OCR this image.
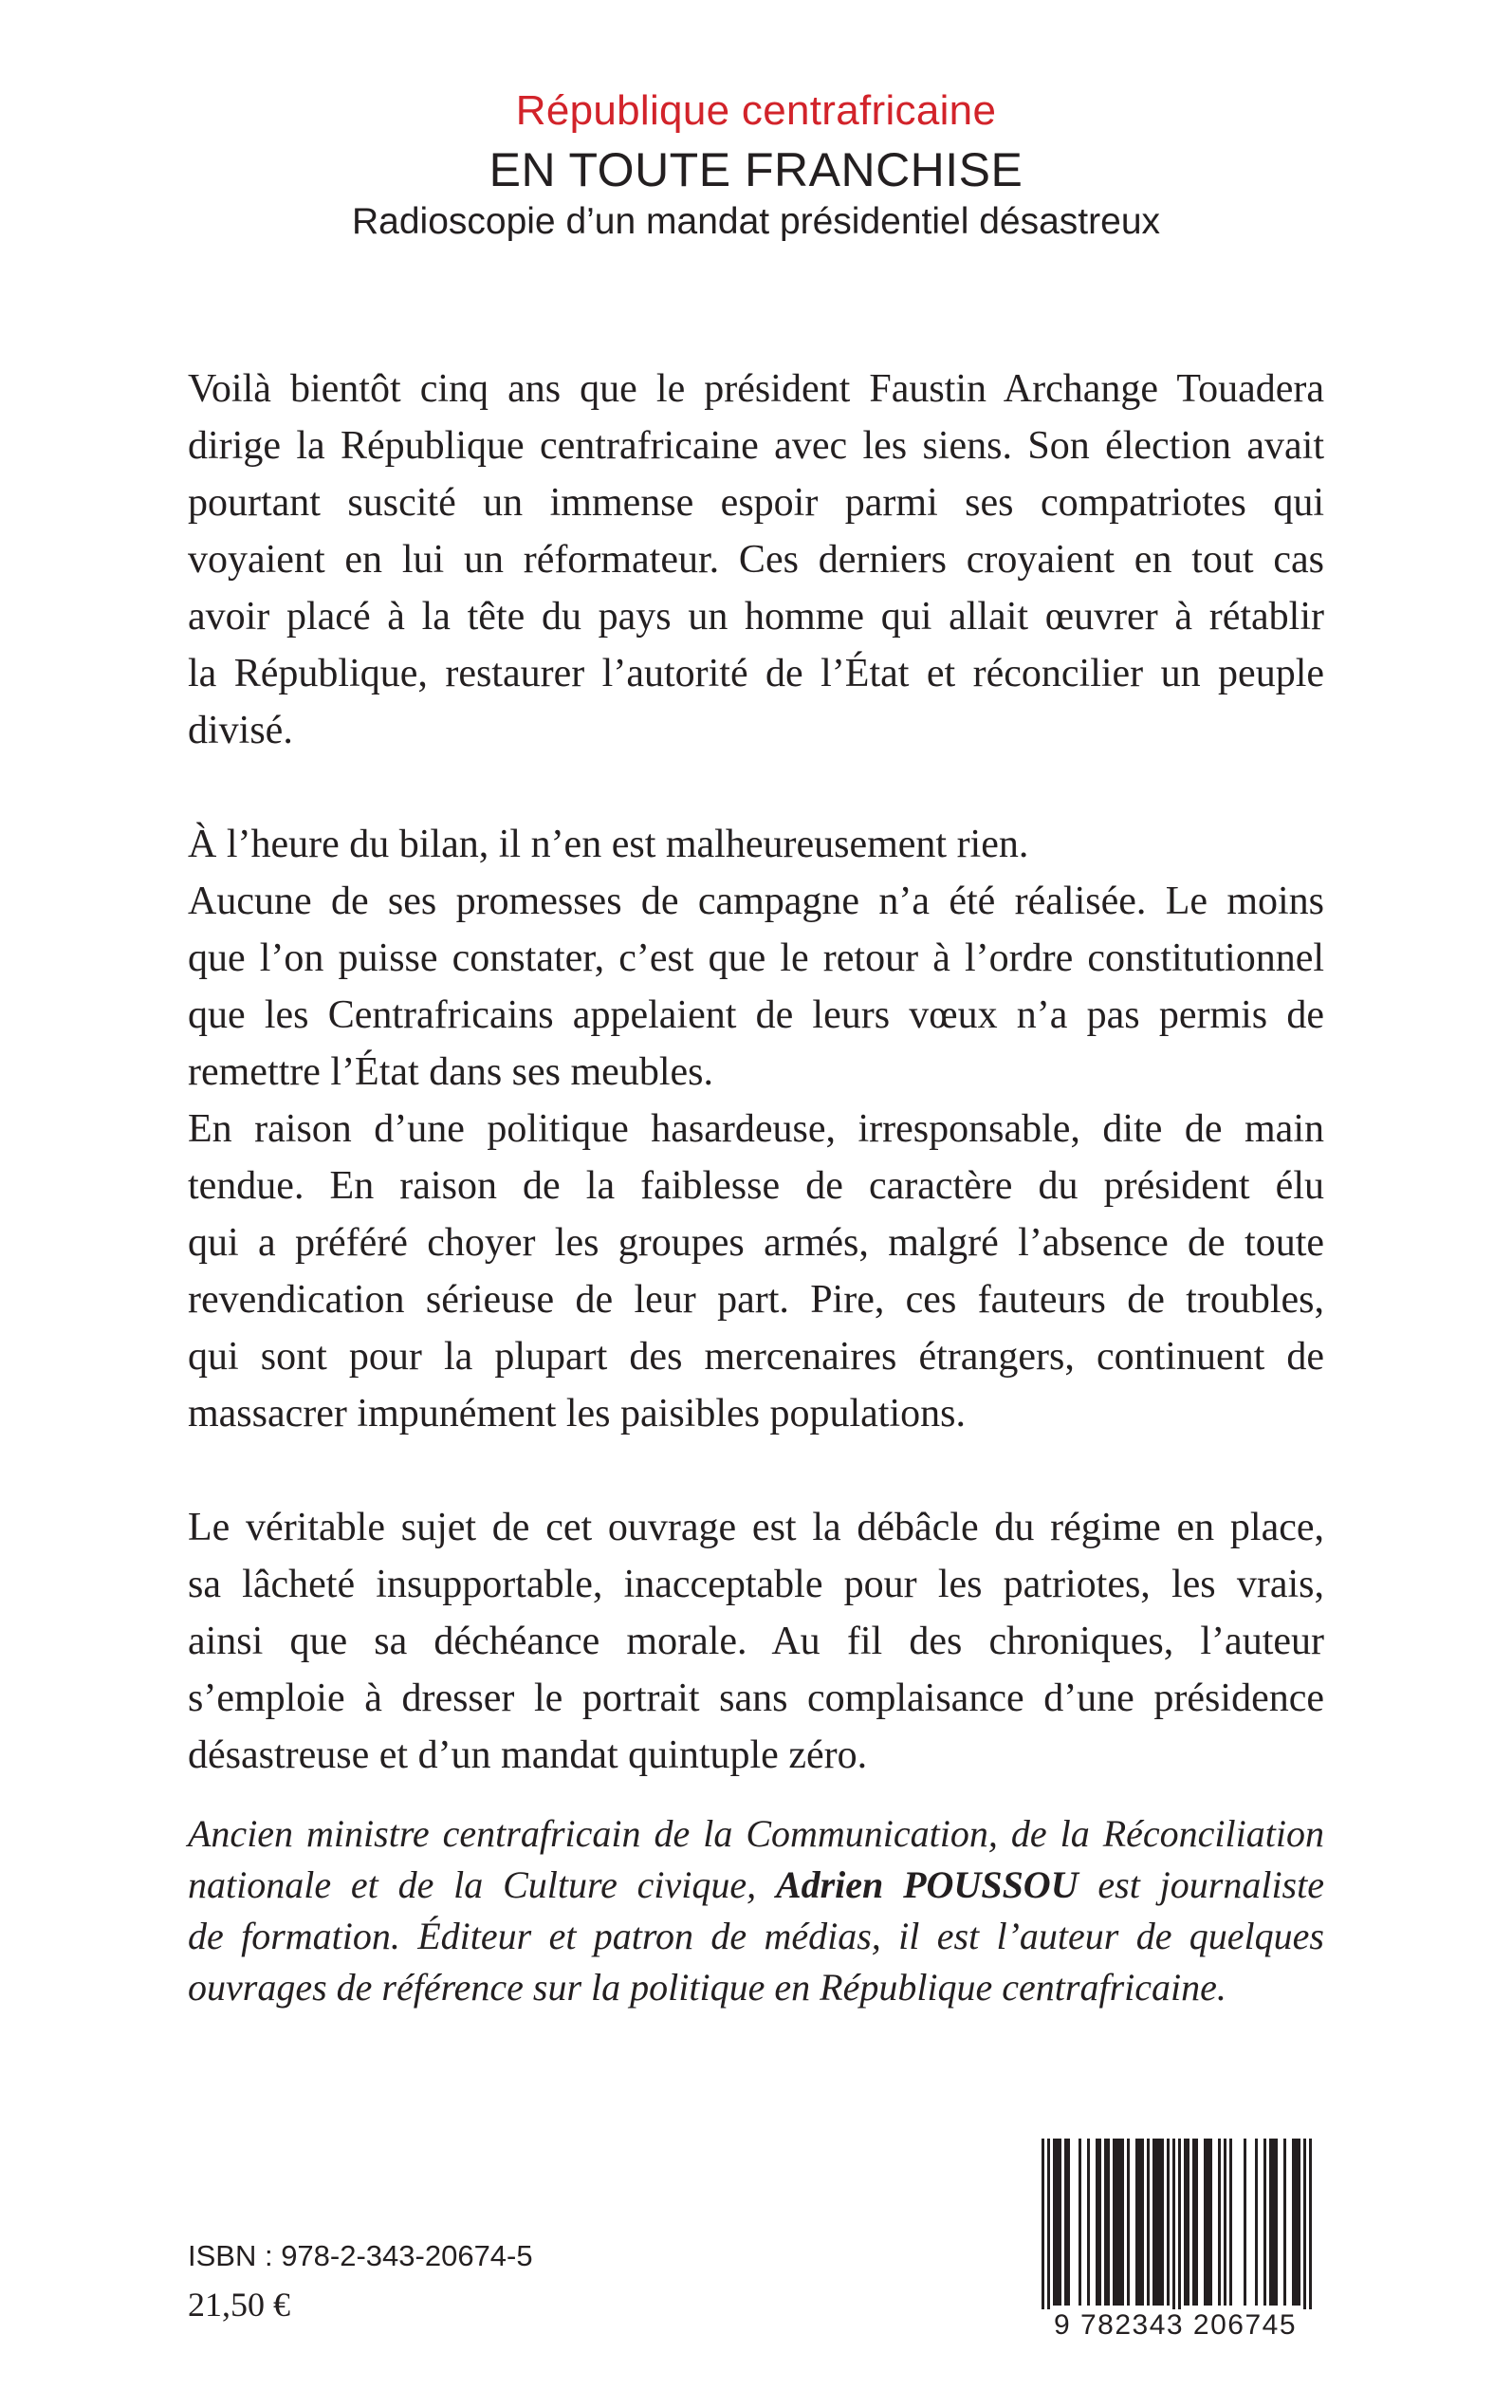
République centrafricaine
EN TOUTE FRANCHISE
Radioscopie d’un mandat présidentiel désastreux
Voilà bientôt cinq ans que le président Faustin Archange Touadera
dirige la République centrafricaine avec les siens. Son élection avait
pourtant suscité un immense espoir parmi ses compatriotes qui
voyaient en lui un réformateur. Ces derniers croyaient en tout cas
avoir placé à la tête du pays un homme qui allait œuvrer à rétablir
la République, restaurer l’autorité de l’État et réconcilier un peuple
divisé.
À l’heure du bilan, il n’en est malheureusement rien.
Aucune de ses promesses de campagne n’a été réalisée. Le moins
que l’on puisse constater, c’est que le retour à l’ordre constitutionnel
que les Centrafricains appelaient de leurs vœux n’a pas permis de
remettre l’État dans ses meubles.
En raison d’une politique hasardeuse, irresponsable, dite de main
tendue. En raison de la faiblesse de caractère du président élu
qui a préféré choyer les groupes armés, malgré l’absence de toute
revendication sérieuse de leur part. Pire, ces fauteurs de troubles,
qui sont pour la plupart des mercenaires étrangers, continuent de
massacrer impunément les paisibles populations.
Le véritable sujet de cet ouvrage est la débâcle du régime en place,
sa lâcheté insupportable, inacceptable pour les patriotes, les vrais,
ainsi que sa déchéance morale. Au fil des chroniques, l’auteur
s’emploie à dresser le portrait sans complaisance d’une présidence
désastreuse et d’un mandat quintuple zéro.
Ancien ministre centrafricain de la Communication, de la Réconciliation
nationale et de la Culture civique, Adrien POUSSOU est journaliste
de formation. Éditeur et patron de médias, il est l’auteur de quelques
ouvrages de référence sur la politique en République centrafricaine.
ISBN : 978-2-343-20674-5
21,50 €
9 782343 206745
